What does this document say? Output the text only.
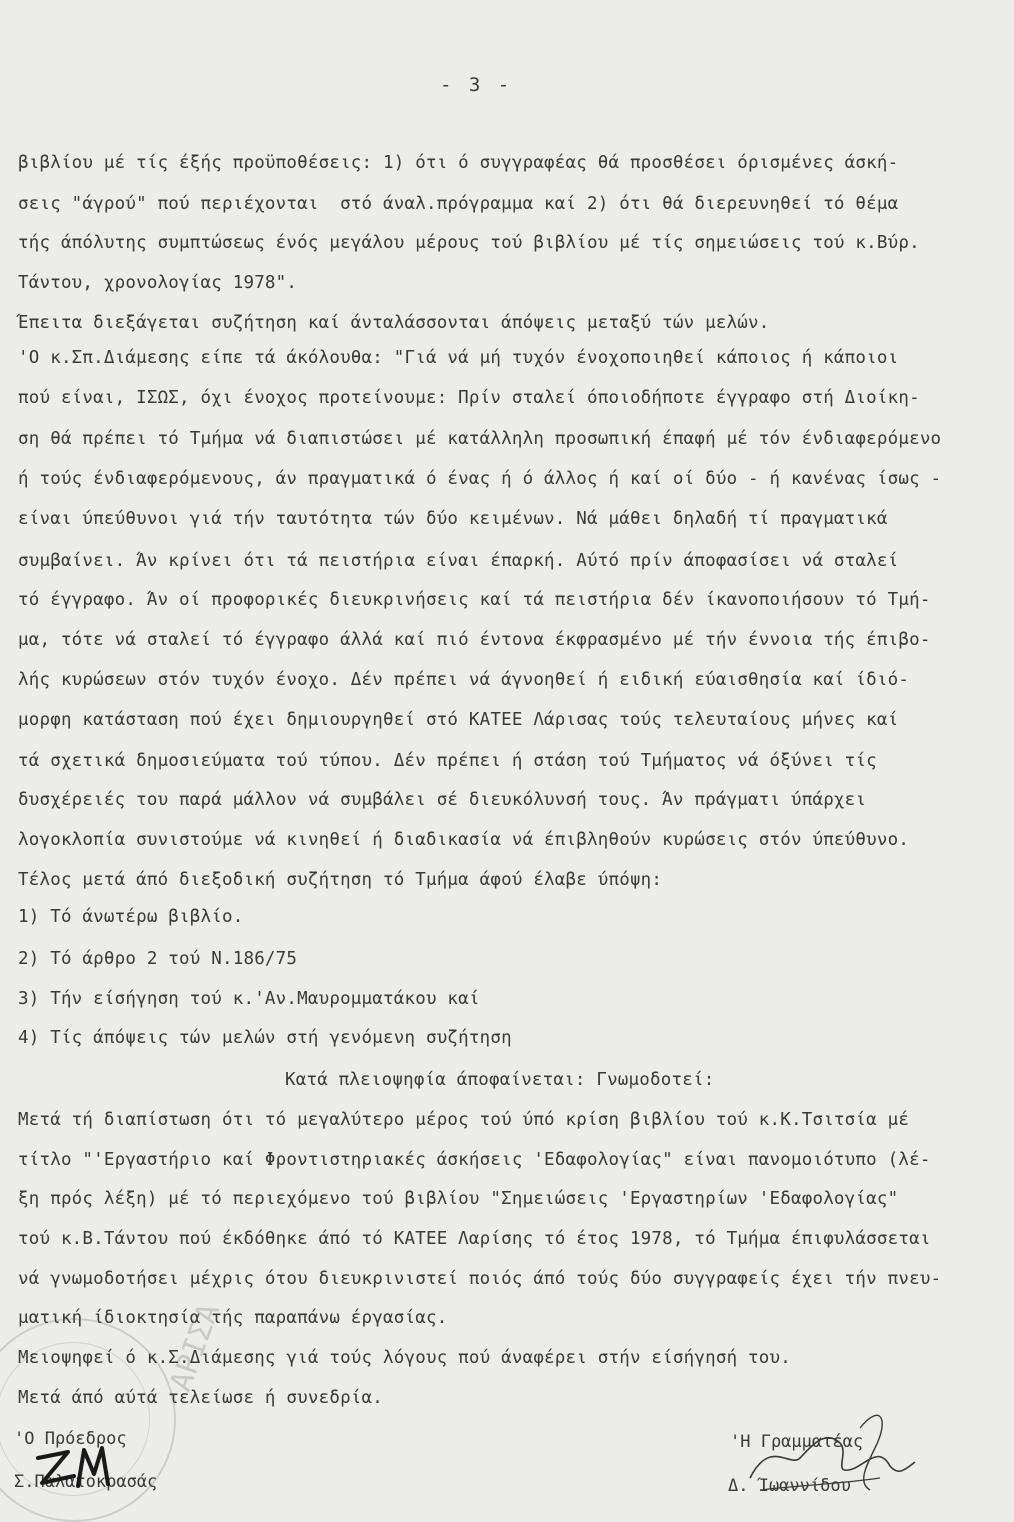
- 3 -
ΑΡΙΣΑ
βιβλίου μέ τίς έξής προϋποθέσεις: 1) ότι ό συγγραφέας θά προσθέσει όρισμένες άσκή-
σεις "άγρού" πού περιέχονται  στό άναλ.πρόγραμμα καί 2) ότι θά διερευνηθεί τό θέμα
τής άπόλυτης συμπτώσεως ένός μεγάλου μέρους τού βιβλίου μέ τίς σημειώσεις τού κ.Βύρ.
Τάντου, χρονολογίας 1978".
Έπειτα διεξάγεται συζήτηση καί άνταλάσσονται άπόψεις μεταξύ τών μελών.
'Ο κ.Σπ.Διάμεσης είπε τά άκόλουθα: "Γιά νά μή τυχόν ένοχοποιηθεί κάποιος ή κάποιοι
πού είναι, ΙΣΩΣ, όχι ένοχος προτείνουμε: Πρίν σταλεί όποιοδήποτε έγγραφο στή Διοίκη-
ση θά πρέπει τό Τμήμα νά διαπιστώσει μέ κατάλληλη προσωπική έπαφή μέ τόν ένδιαφερόμενο
ή τούς ένδιαφερόμενους, άν πραγματικά ό ένας ή ό άλλος ή καί οί δύο - ή κανένας ίσως -
είναι ύπεύθυνοι γιά τήν ταυτότητα τών δύο κειμένων. Νά μάθει δηλαδή τί πραγματικά
συμβαίνει. Άν κρίνει ότι τά πειστήρια είναι έπαρκή. Αύτό πρίν άποφασίσει νά σταλεί
τό έγγραφο. Άν οί προφορικές διευκρινήσεις καί τά πειστήρια δέν ίκανοποιήσουν τό Τμή-
μα, τότε νά σταλεί τό έγγραφο άλλά καί πιό έντονα έκφρασμένο μέ τήν έννοια τής έπιβο-
λής κυρώσεων στόν τυχόν ένοχο. Δέν πρέπει νά άγνοηθεί ή ειδική εύαισθησία καί ίδιό-
μορφη κατάσταση πού έχει δημιουργηθεί στό ΚΑΤΕΕ Λάρισας τούς τελευταίους μήνες καί
τά σχετικά δημοσιεύματα τού τύπου. Δέν πρέπει ή στάση τού Τμήματος νά όξύνει τίς
δυσχέρειές του παρά μάλλον νά συμβάλει σέ διευκόλυνσή τους. Άν πράγματι ύπάρχει
λογοκλοπία συνιστούμε νά κινηθεί ή διαδικασία νά έπιβληθούν κυρώσεις στόν ύπεύθυνο.
Τέλος μετά άπό διεξοδική συζήτηση τό Τμήμα άφού έλαβε ύπόψη:
1) Τό άνωτέρω βιβλίο.
2) Τό άρθρο 2 τού Ν.186/75
3) Τήν είσήγηση τού κ.'Αν.Μαυρομματάκου καί
4) Τίς άπόψεις τών μελών στή γενόμενη συζήτηση
Κατά πλειοψηφία άποφαίνεται: Γνωμοδοτεί:
Μετά τή διαπίστωση ότι τό μεγαλύτερο μέρος τού ύπό κρίση βιβλίου τού κ.Κ.Τσιτσία μέ
τίτλο "'Εργαστήριο καί Φροντιστηριακές άσκήσεις 'Εδαφολογίας" είναι πανομοιότυπο (λέ-
ξη πρός λέξη) μέ τό περιεχόμενο τού βιβλίου "Σημειώσεις 'Εργαστηρίων 'Εδαφολογίας"
τού κ.Β.Τάντου πού έκδόθηκε άπό τό ΚΑΤΕΕ Λαρίσης τό έτος 1978, τό Τμήμα έπιφυλάσσεται
νά γνωμοδοτήσει μέχρις ότου διευκρινιστεί ποιός άπό τούς δύο συγγραφείς έχει τήν πνευ-
ματική ίδιοκτησία τής παραπάνω έργασίας.
Μειοψηφεί ό κ.Σ.Διάμεσης γιά τούς λόγους πού άναφέρει στήν είσήγησή του.
Μετά άπό αύτά τελείωσε ή συνεδρία.
'Ο Πρόεδρος
Σ.Παλατοκρασάς
'Η Γραμματέας
Δ. Ίωαννίδου
